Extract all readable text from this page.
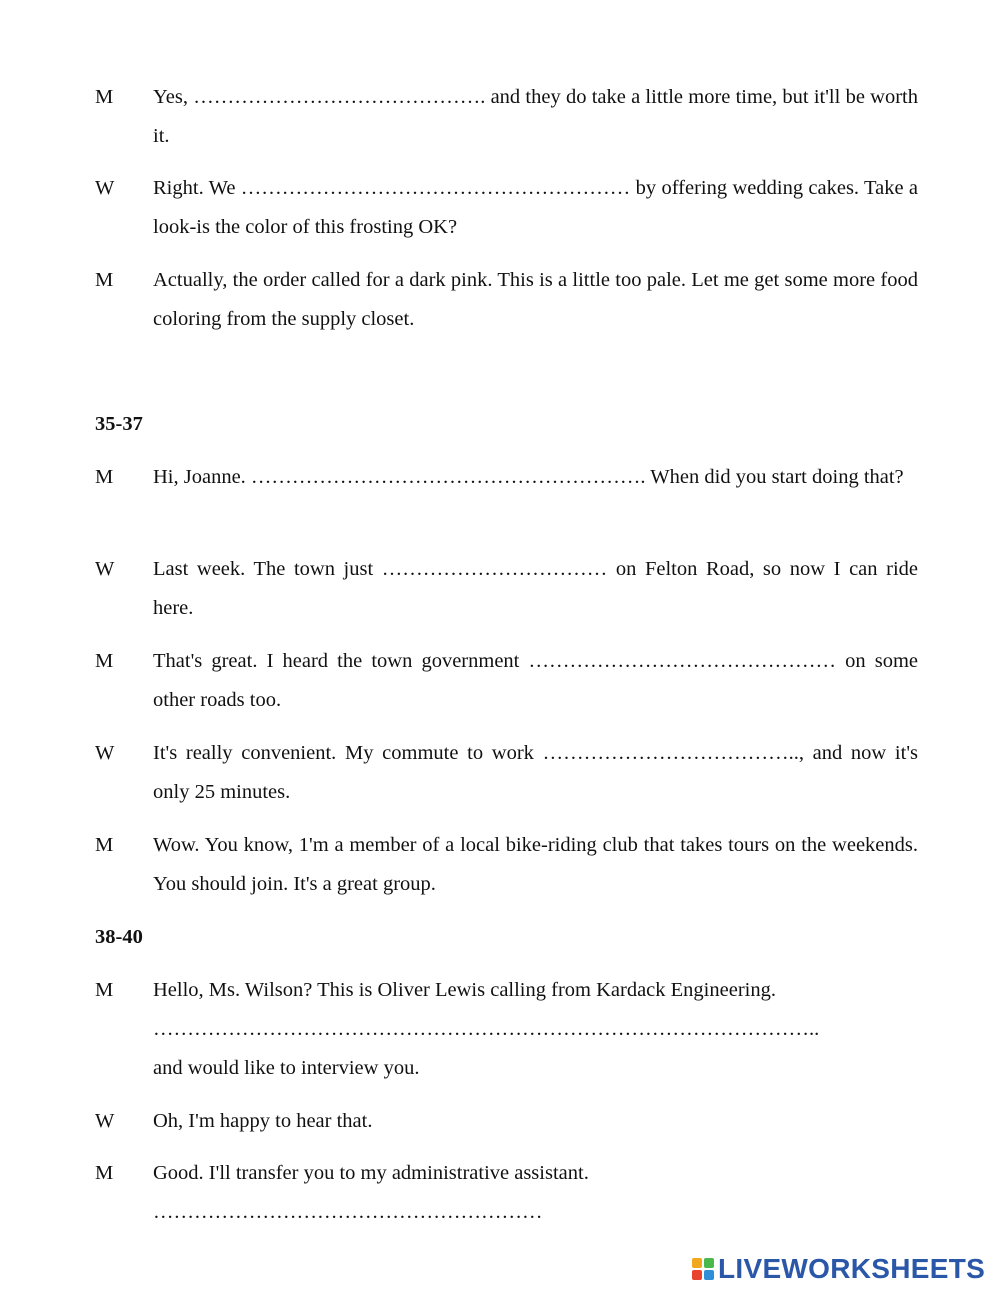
M	Yes, ……………………………………. and they do take a little more time, but it'll be worth it.
W	Right. We ………………………………………………… by offering wedding cakes. Take a look-is the color of this frosting OK?
M	Actually, the order called for a dark pink. This is a little too pale. Let me get some more food coloring from the supply closet.
35-37
M	Hi, Joanne. …………………………………………………. When did you start doing that?
W	Last week. The town just …………………………… on Felton Road, so now I can ride here.
M	That's great. I heard the town government ……………………………………… on some other roads too.
W	It's really convenient. My commute to work ……………………………….., and now it's only 25 minutes.
M	Wow. You know, 1'm a member of a local bike-riding club that takes tours on the weekends. You should join. It's a great group.
38-40
M	Hello, Ms. Wilson? This is Oliver Lewis calling from Kardack Engineering.
……………………………………………………………………………………..
and would like to interview you.
W	Oh, I'm happy to hear that.
M	Good. I'll transfer you to my administrative assistant.
…………………………………………………
LIVEWORKSHEETS
